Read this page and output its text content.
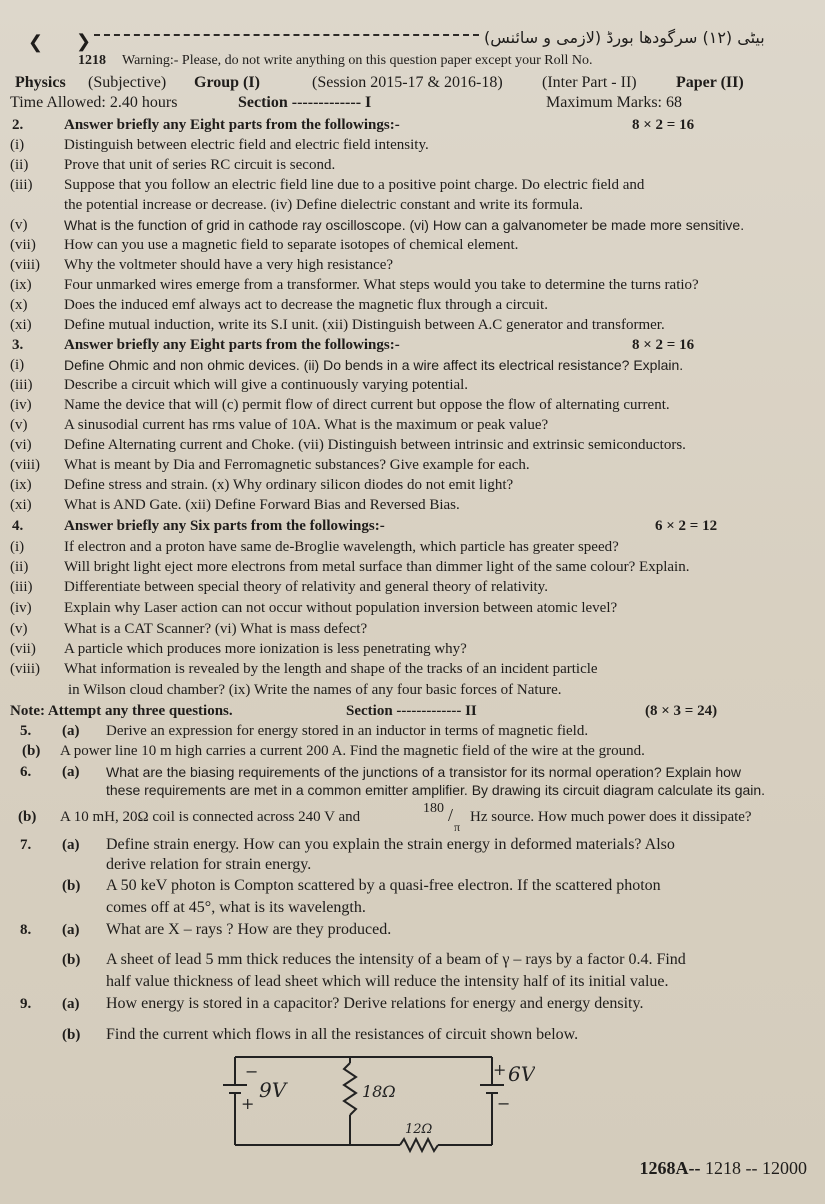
❮ ❯	بیٹی (۱۲) سرگودھا بورڈ (لازمی و سائنس)
1218 Warning:- Please, do not write anything on this question paper except your Roll No.
Physics (Subjective) Group (I)	(Session 2015-17 & 2016-18) (Inter Part - II) Paper (II)
Time Allowed: 2.40 hours	Section ------------- I	Maximum Marks: 68
2.	Answer briefly any Eight parts from the followings:-	8 × 2 = 16
(i)	Distinguish between electric field and electric field intensity.
(ii) Prove that unit of series RC circuit is second.
(iii) Suppose that you follow an electric field line due to a positive point charge. Do electric field and
the potential increase or decrease. (iv) Define dielectric constant and write its formula.
(v)	What is the function of grid in cathode ray oscilloscope. (vi) How can a galvanometer be made more sensitive.
(vii) How can you use a magnetic field to separate isotopes of chemical element.
(viii) Why the voltmeter should have a very high resistance?
(ix) Four unmarked wires emerge from a transformer. What steps would you take to determine the turns ratio?
(x) Does the induced emf always act to decrease the magnetic flux through a circuit.
(xi) Define mutual induction, write its S.I unit. (xii) Distinguish between A.C generator and transformer.
3.	Answer briefly any Eight parts from the followings:-	8 × 2 = 16
(i)	Define Ohmic and non ohmic devices. (ii) Do bends in a wire affect its electrical resistance? Explain.
(iii) Describe a circuit which will give a continuously varying potential.
(iv) Name the device that will (c) permit flow of direct current but oppose the flow of alternating current.
(v) A sinusodial current has rms value of 10A. What is the maximum or peak value?
(vi) Define Alternating current and Choke. (vii) Distinguish between intrinsic and extrinsic semiconductors.
(viii) What is meant by Dia and Ferromagnetic substances? Give example for each.
(ix) Define stress and strain. (x) Why ordinary silicon diodes do not emit light?
(xi) What is AND Gate. (xii) Define Forward Bias and Reversed Bias.
4.	Answer briefly any Six parts from the followings:-	6 × 2 = 12
(i)	If electron and a proton have same de-Broglie wavelength, which particle has greater speed?
(ii) Will bright light eject more electrons from metal surface than dimmer light of the same colour? Explain.
(iii) Differentiate between special theory of relativity and general theory of relativity.
(iv) Explain why Laser action can not occur without population inversion between atomic level?
(v) What is a CAT Scanner? (vi) What is mass defect?
(vii) A particle which produces more ionization is less penetrating why?
(viii) What information is revealed by the length and shape of the tracks of an incident particle
in Wilson cloud chamber? (ix) Write the names of any four basic forces of Nature.
Note: Attempt any three questions.	Section ------------- II	(8 × 3 = 24)
5. (a) Derive an expression for energy stored in an inductor in terms of magnetic field.
(b) A power line 10 m high carries a current 200 A. Find the magnetic field of the wire at the ground.
6. (a) What are the biasing requirements of the junctions of a transistor for its normal operation? Explain how
these requirements are met in a common emitter amplifier. By drawing its circuit diagram calculate its gain.
(b) A 10 mH, 20Ω coil is connected across 240 V and
180 /
π
Hz source. How much power does it dissipate?
7. (a) Define strain energy. How can you explain the strain energy in deformed materials? Also
derive relation for strain energy.
(b) A 50 keV photon is Compton scattered by a quasi-free electron. If the scattered photon
comes off at 45°, what is its wavelength.
8. (a) What are X – rays ? How are they produced.
(b) A sheet of lead 5 mm thick reduces the intensity of a beam of γ – rays by a factor 0.4. Find
half value thickness of lead sheet which will reduce the intensity half of its initial value.
9. (a) How energy is stored in a capacitor? Derive relations for energy and energy density.
(b) Find the current which flows in all the resistances of circuit shown below.
−
+
9V	18Ω
12Ω
+ 6V
−
1268A-- 1218 -- 12000
